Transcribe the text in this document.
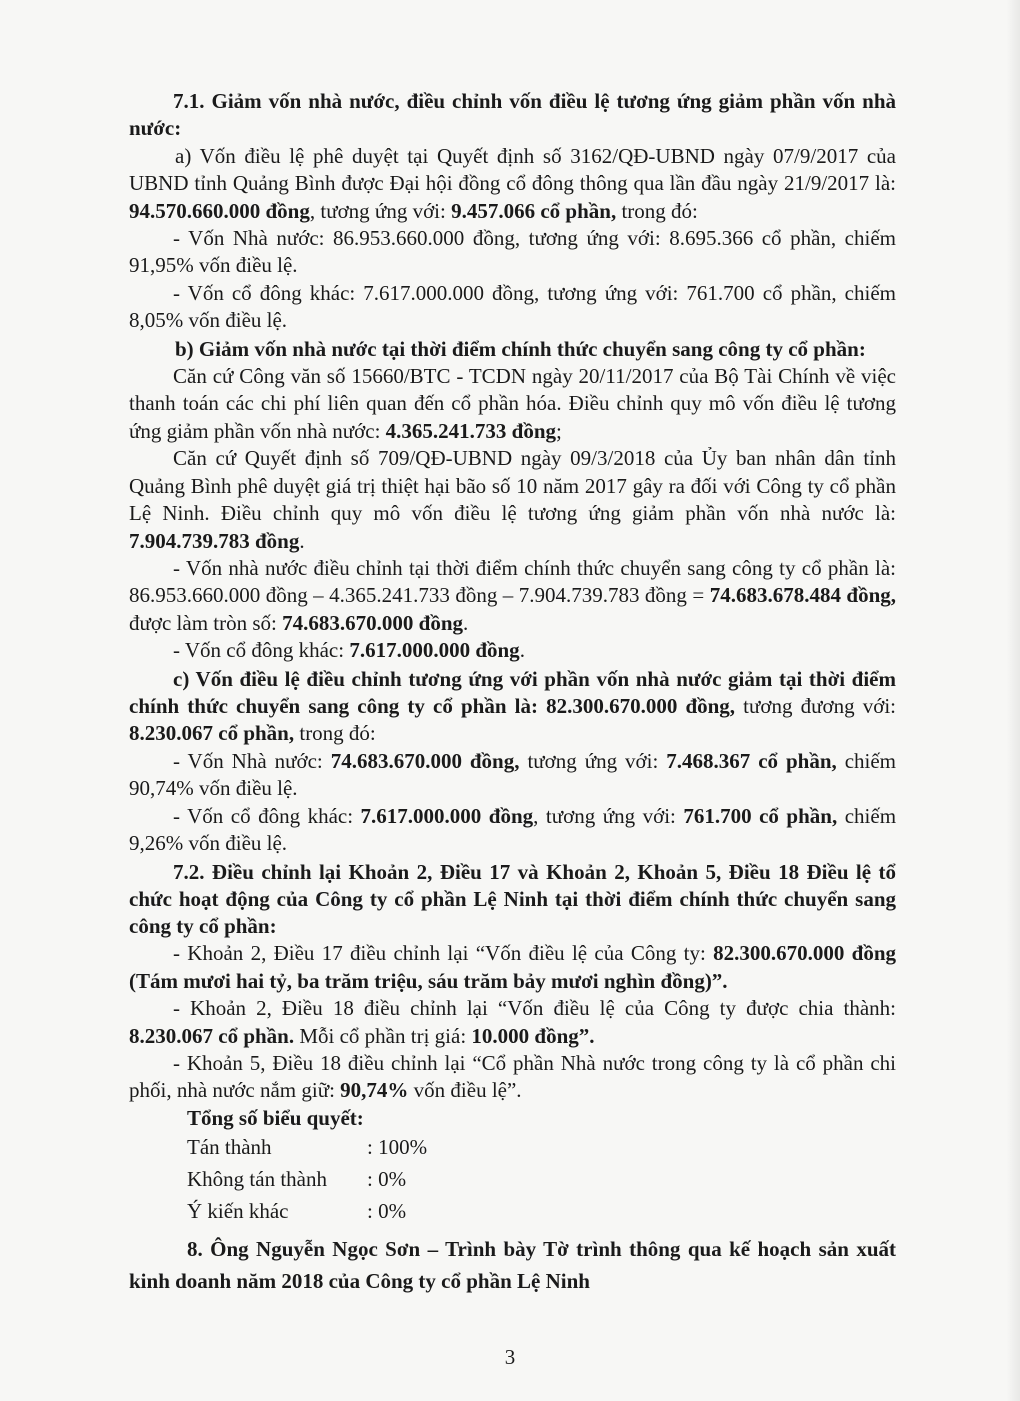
7.1. Giảm vốn nhà nước, điều chỉnh vốn điều lệ tương ứng giảm phần vốn nhà nước:

a) Vốn điều lệ phê duyệt tại Quyết định số 3162/QĐ-UBND ngày 07/9/2017 của UBND tỉnh Quảng Bình được Đại hội đồng cổ đông thông qua lần đầu ngày 21/9/2017 là: 94.570.660.000 đồng, tương ứng với: 9.457.066 cổ phần, trong đó:

- Vốn Nhà nước: 86.953.660.000 đồng, tương ứng với: 8.695.366 cổ phần, chiếm 91,95% vốn điều lệ.

- Vốn cổ đông khác: 7.617.000.000 đồng, tương ứng với: 761.700 cổ phần, chiếm 8,05% vốn điều lệ.

b) Giảm vốn nhà nước tại thời điểm chính thức chuyển sang công ty cổ phần:

Căn cứ Công văn số 15660/BTC - TCDN ngày 20/11/2017 của Bộ Tài Chính về việc thanh toán các chi phí liên quan đến cổ phần hóa. Điều chỉnh quy mô vốn điều lệ tương ứng giảm phần vốn nhà nước: 4.365.241.733 đồng;

Căn cứ Quyết định số 709/QĐ-UBND ngày 09/3/2018 của Ủy ban nhân dân tỉnh Quảng Bình phê duyệt giá trị thiệt hại bão số 10 năm 2017 gây ra đối với Công ty cổ phần Lệ Ninh. Điều chỉnh quy mô vốn điều lệ tương ứng giảm phần vốn nhà nước là: 7.904.739.783 đồng.

- Vốn nhà nước điều chỉnh tại thời điểm chính thức chuyển sang công ty cổ phần là: 86.953.660.000 đồng – 4.365.241.733 đồng – 7.904.739.783 đồng = 74.683.678.484 đồng, được làm tròn số: 74.683.670.000 đồng.

- Vốn cổ đông khác: 7.617.000.000 đồng.

c) Vốn điều lệ điều chỉnh tương ứng với phần vốn nhà nước giảm tại thời điểm chính thức chuyển sang công ty cổ phần là: 82.300.670.000 đồng, tương đương với: 8.230.067 cổ phần, trong đó:

- Vốn Nhà nước: 74.683.670.000 đồng, tương ứng với: 7.468.367 cổ phần, chiếm 90,74% vốn điều lệ.

- Vốn cổ đông khác: 7.617.000.000 đồng, tương ứng với: 761.700 cổ phần, chiếm 9,26% vốn điều lệ.

7.2. Điều chỉnh lại Khoản 2, Điều 17 và Khoản 2, Khoản 5, Điều 18 Điều lệ tổ chức hoạt động của Công ty cổ phần Lệ Ninh tại thời điểm chính thức chuyển sang công ty cổ phần:

- Khoản 2, Điều 17 điều chỉnh lại “Vốn điều lệ của Công ty: 82.300.670.000 đồng (Tám mươi hai tỷ, ba trăm triệu, sáu trăm bảy mươi nghìn đồng)”.

- Khoản 2, Điều 18 điều chỉnh lại “Vốn điều lệ của Công ty được chia thành: 8.230.067 cổ phần. Mỗi cổ phần trị giá: 10.000 đồng”.

- Khoản 5, Điều 18 điều chỉnh lại “Cổ phần Nhà nước trong công ty là cổ phần chi phối, nhà nước nắm giữ: 90,74% vốn điều lệ”.

Tổng số biểu quyết:

Tán thành	: 100%
Không tán thành	: 0%
Ý kiến khác	: 0%

8. Ông Nguyễn Ngọc Sơn – Trình bày Tờ trình thông qua kế hoạch sản xuất kinh doanh năm 2018 của Công ty cổ phần Lệ Ninh

3
